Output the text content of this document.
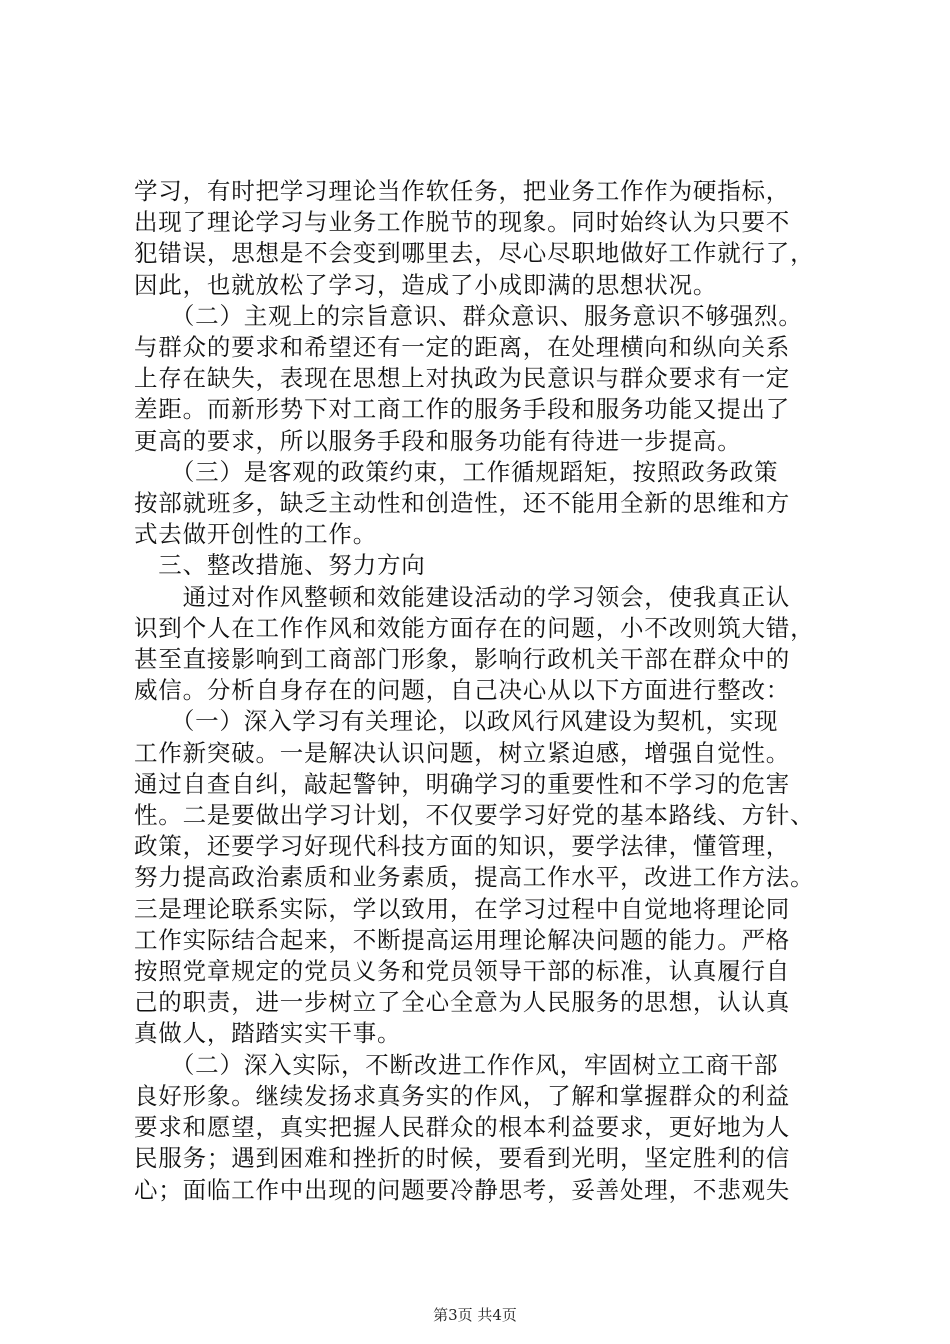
学习，有时把学习理论当作软任务，把业务工作作为硬指标，

出现了理论学习与业务工作脱节的现象。同时始终认为只要不

犯错误，思想是不会变到哪里去，尽心尽职地做好工作就行了，

因此，也就放松了学习，造成了小成即满的思想状况。

　　（二）主观上的宗旨意识、群众意识、服务意识不够强烈。

与群众的要求和希望还有一定的距离，在处理横向和纵向关系

上存在缺失，表现在思想上对执政为民意识与群众要求有一定

差距。而新形势下对工商工作的服务手段和服务功能又提出了

更高的要求，所以服务手段和服务功能有待进一步提高。

　　（三）是客观的政策约束，工作循规蹈矩，按照政务政策

按部就班多，缺乏主动性和创造性，还不能用全新的思维和方

式去做开创性的工作。

　三、整改措施、努力方向

　　通过对作风整顿和效能建设活动的学习领会，使我真正认

识到个人在工作作风和效能方面存在的问题，小不改则筑大错，

甚至直接影响到工商部门形象，影响行政机关干部在群众中的

威信。分析自身存在的问题，自己决心从以下方面进行整改：

　　（一）深入学习有关理论，以政风行风建设为契机，实现

工作新突破。一是解决认识问题，树立紧迫感，增强自觉性。

通过自查自纠，敲起警钟，明确学习的重要性和不学习的危害

性。二是要做出学习计划，不仅要学习好党的基本路线、方针、

政策，还要学习好现代科技方面的知识，要学法律，懂管理，

努力提高政治素质和业务素质，提高工作水平，改进工作方法。

三是理论联系实际，学以致用，在学习过程中自觉地将理论同

工作实际结合起来，不断提高运用理论解决问题的能力。严格

按照党章规定的党员义务和党员领导干部的标准，认真履行自

己的职责，进一步树立了全心全意为人民服务的思想，认认真

真做人，踏踏实实干事。

　　（二）深入实际，不断改进工作作风，牢固树立工商干部

良好形象。继续发扬求真务实的作风，了解和掌握群众的利益

要求和愿望，真实把握人民群众的根本利益要求，更好地为人

民服务；遇到困难和挫折的时候，要看到光明，坚定胜利的信

心；面临工作中出现的问题要冷静思考，妥善处理，不悲观失

第3页 共4页
